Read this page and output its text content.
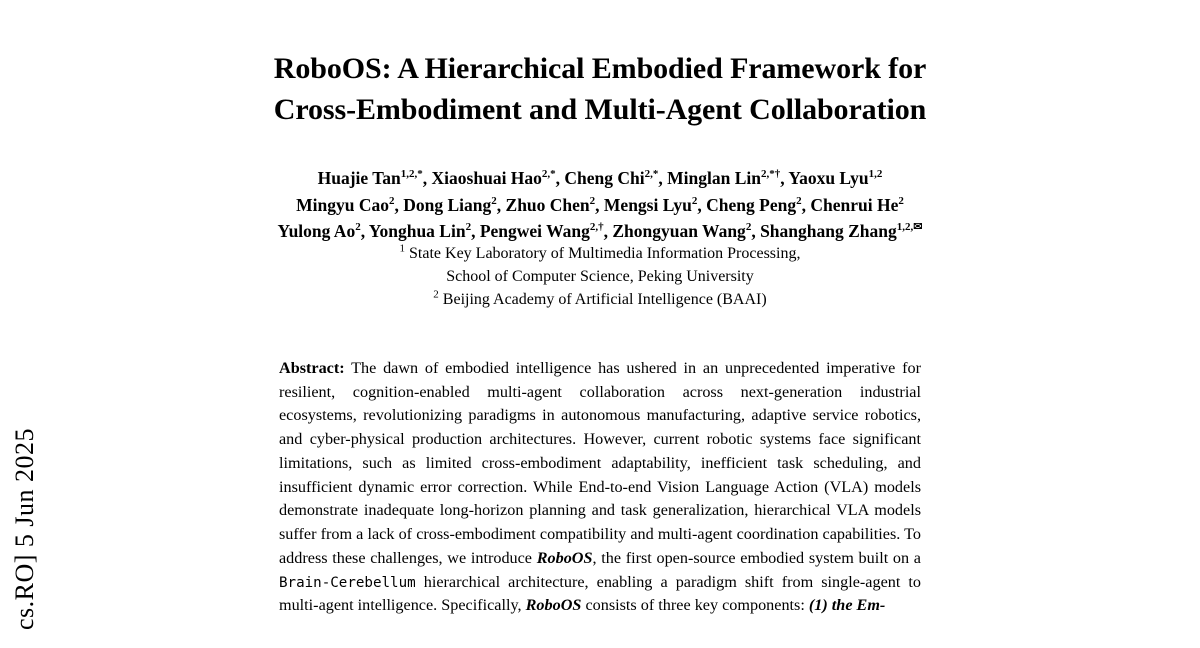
cs.RO] 5 Jun 2025
RoboOS: A Hierarchical Embodied Framework for
Cross-Embodiment and Multi-Agent Collaboration
Huajie Tan$^{1,2,*}$, Xiaoshuai Hao$^{2,*}$, Cheng Chi$^{2,*}$, Minglan Lin$^{2,*\dagger}$, Yaoxu Lyu$^{1,2}$
Mingyu Cao$^2$, Dong Liang$^2$, Zhuo Chen$^2$, Mengsi Lyu$^2$, Cheng Peng$^2$, Chenrui He$^2$
Yulong Ao$^2$, Yonghua Lin$^2$, Pengwei Wang$^{2,\dagger}$, Zhongyuan Wang$^2$, Shanghang Zhang$^{1,2,✉}$
$^1$ State Key Laboratory of Multimedia Information Processing,
School of Computer Science, Peking University
$^2$ Beijing Academy of Artificial Intelligence (BAAI)

Abstract: The dawn of embodied intelligence has ushered in an unprecedented imperative for resilient, cognition-enabled multi-agent collaboration across next-generation industrial ecosystems, revolutionizing paradigms in autonomous manufacturing, adaptive service robotics, and cyber-physical production architectures. However, current robotic systems face significant limitations, such as limited cross-embodiment adaptability, inefficient task scheduling, and insufficient dynamic error correction. While End-to-end Vision Language Action (VLA) models demonstrate inadequate long-horizon planning and task generalization, hierarchical VLA models suffer from a lack of cross-embodiment compatibility and multi-agent coordination capabilities. To address these challenges, we introduce RoboOS, the first open-source embodied system built on a Brain-Cerebellum hierarchical architecture, enabling a paradigm shift from single-agent to multi-agent intelligence. Specifically, RoboOS consists of three key components: (1) the Em-
